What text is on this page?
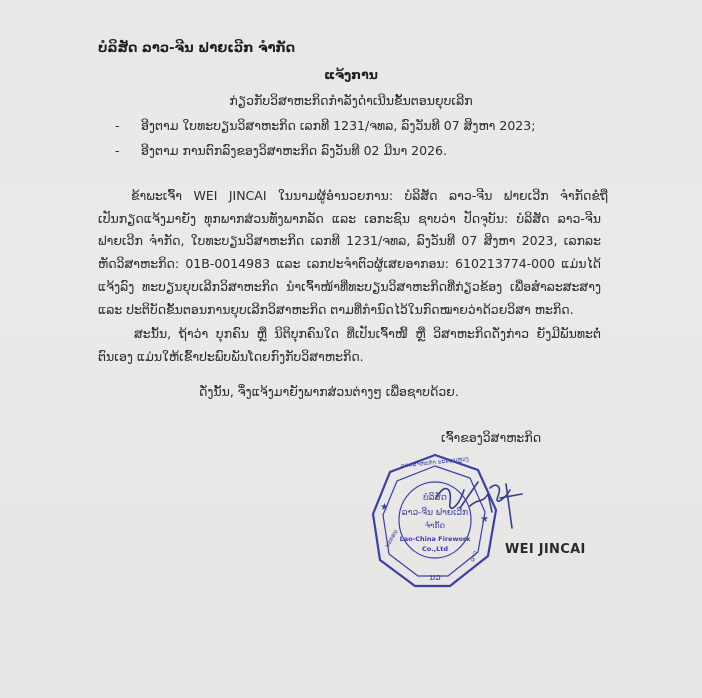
ບໍລິສັດ ລາວ-ຈີນ ຟາຍເວີກ ຈຳກັດ
ແຈ້ງການ
ກ່ຽວກັບວິສາຫະກິດກຳລັງດຳເນີນຂັ້ນຕອນຍຸບເລີກ
- ອີງຕາມ ໃບທະບຽນວິສາຫະກິດ ເລກທີ 1231/ຈທລ, ລົງວັນທີ 07 ສິງຫາ 2023;
- ອີງຕາມ ການຕົກລົງຂອງວິສາຫະກິດ ລົງວັນທີ 02 ມີນາ 2026.
ຂ້າພະເຈົ້າ WEI JINCAI ໃນນາມຜູ້ອຳນວຍການ: ບໍລິສັດ ລາວ-ຈີນ ຟາຍເວີກ ຈຳກັດຂໍຖື
ເປັນກຽດແຈ້ງມາຍັງ ທຸກພາກສ່ວນທັງພາກລັດ ແລະ ເອກະຊົນ ຊາບວ່າ ປັດຈຸບັນ: ບໍລິສັດ ລາວ-ຈີນ
ຟາຍເວີກ ຈຳກັດ, ໃບທະບຽນວິສາຫະກິດ ເລກທີ 1231/ຈທລ, ລົງວັນທີ 07 ສິງຫາ 2023, ເລກລະ
ຫັດວິສາຫະກິດ: 01B-0014983 ແລະ ເລກປະຈຳຕົວຜູ້ເສຍອາກອນ: 610213774-000 ແມ່ນໄດ້
ແຈ້ງລົງ ທະບຽນຍຸບເລີກວິສາຫະກິດ ນຳເຈົ້າໜ້າທີ່ທະບຽນວິສາຫະກິດທີ່ກ່ຽວຂ້ອງ ເພື່ອສຳລະສະສາງ
ແລະ ປະຕິບັດຂັ້ນຕອນການຍຸບເລີກວິສາຫະກິດ ຕາມທີ່ກຳນົດໄວ້ໃນກົດໝາຍວ່າດ້ວຍວິສາ ຫະກິດ.
ສະນັ້ນ, ຖ້າວ່າ ບຸກຄົນ ຫຼື ນິຕິບຸກຄົນໃດ ທີ່ເປັນເຈົ້າໜີ້ ຫຼື ວິສາຫະກິດດັ່ງກ່າວ ຍັງມີພັນທະຕໍ່
ຕົນເອງ ແມ່ນໃຫ້ເຂົ້າປະພົບພັນໂດຍກົງກັບວິສາຫະກິດ.
ດັ່ງນັ້ນ, ຈຶ່ງແຈ້ງມາຍັງພາກສ່ວນຕ່າງໆ ເພື່ອຊາບດ້ວຍ.
ເຈົ້າຂອງວິສາຫະກິດ
ລວດສາຫະກຳ ນະຄອນຫຼວງ
★
★
ບໍລິສັດ
ລາວ-ຈີນ ຟາຍເວີກ
ຈຳກັດ
Lao-China Firework
Co.,Ltd
ນວ
ນະຄອນ
ລາວ WEI JINCAI
